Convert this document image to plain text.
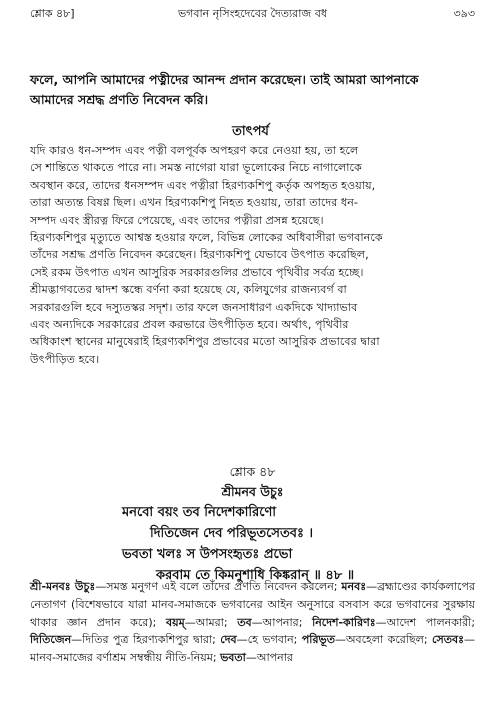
শ্লোক ৪৮]	ভগবান নৃসিংহদেবের দৈত্যরাজ বধ	৩৯৩

ফলে, আপনি আমাদের পত্নীদের আনন্দ প্রদান করেছেন। তাই আমরা আপনাকে

আমাদের সশ্রদ্ধ প্রণতি নিবেদন করি।

তাৎপর্য

যদি কারও ধন-সম্পদ এবং পত্নী বলপূর্বক অপহরণ করে নেওয়া হয়, তা হলে

সে শান্তিতে থাকতে পারে না। সমস্ত নাগেরা যারা ভূলোকের নিচে নাগালোকে

অবস্থান করে, তাদের ধনসম্পদ এবং পত্নীরা হিরণ্যকশিপু কর্তৃক অপহৃত হওয়ায়,

তারা অত্যন্ত বিষণ্ণ ছিল। এখন হিরণ্যকশিপু নিহত হওয়ায়, তারা তাদের ধন-

সম্পদ এবং স্ত্রীরত্ন ফিরে পেয়েছে, এবং তাদের পত্নীরা প্রসন্ন হয়েছে।

হিরণ্যকশিপুর মৃত্যুতে আশ্বস্ত হওয়ার ফলে, বিভিন্ন লোকের অধিবাসীরা ভগবানকে

তাঁদের সশ্রদ্ধ প্রণতি নিবেদন করেছেন। হিরণ্যকশিপু যেভাবে উৎপাত করেছিল,

সেই রকম উৎপাত এখন আসুরিক সরকারগুলির প্রভাবে পৃথিবীর সর্বত্র হচ্ছে।

শ্রীমদ্ভাগবতের দ্বাদশ স্কন্ধে বর্ণনা করা হয়েছে যে, কলিযুগের রাজন্যবর্গ বা

সরকারগুলি হবে দস্যুতস্কর সদৃশ। তার ফলে জনসাধারণ একদিকে খাদ্যাভাব

এবং অন্যদিকে সরকারের প্রবল করভারে উৎপীড়িত হবে। অর্থাৎ, পৃথিবীর

অধিকাংশ স্থানের মানুষেরাই হিরণ্যকশিপুর প্রভাবের মতো আসুরিক প্রভাবের দ্বারা

উৎপীড়িত হবে।

শ্লোক ৪৮
শ্রীমনব উচুঃ
মনবো বয়ং তব নিদেশকারিণো
দিতিজেন দেব পরিভূতসেতবঃ ।
ভবতা খলঃ স উপসংহৃতঃ প্রভো
করবাম তে কিমনুশাধি কিঙ্করান্ ॥ ৪৮ ॥

শ্রী-মনবঃ উচুঃ—সমস্ত মনুগণ এই বলে তাঁদের প্রণতি নিবেদন করলেন; মনবঃ—ব্রহ্মাণ্ডের কার্যকলাপের নেতাগণ (বিশেষভাবে যারা মানব-সমাজকে ভগবানের আইন অনুসারে বসবাস করে ভগবানের সুরক্ষায় থাকার জ্ঞান প্রদান করে); বয়ম্—আমরা; তব—আপনার; নিদেশ-কারিণঃ—আদেশ পালনকারী; দিতিজেন—দিতির পুত্র হিরণ্যকশিপুর দ্বারা; দেব—হে ভগবান; পরিভূত—অবহেলা করেছিল; সেতবঃ—মানব-সমাজের বর্ণাশ্রম সম্বন্ধীয় নীতি-নিয়ম; ভবতা—আপনার
